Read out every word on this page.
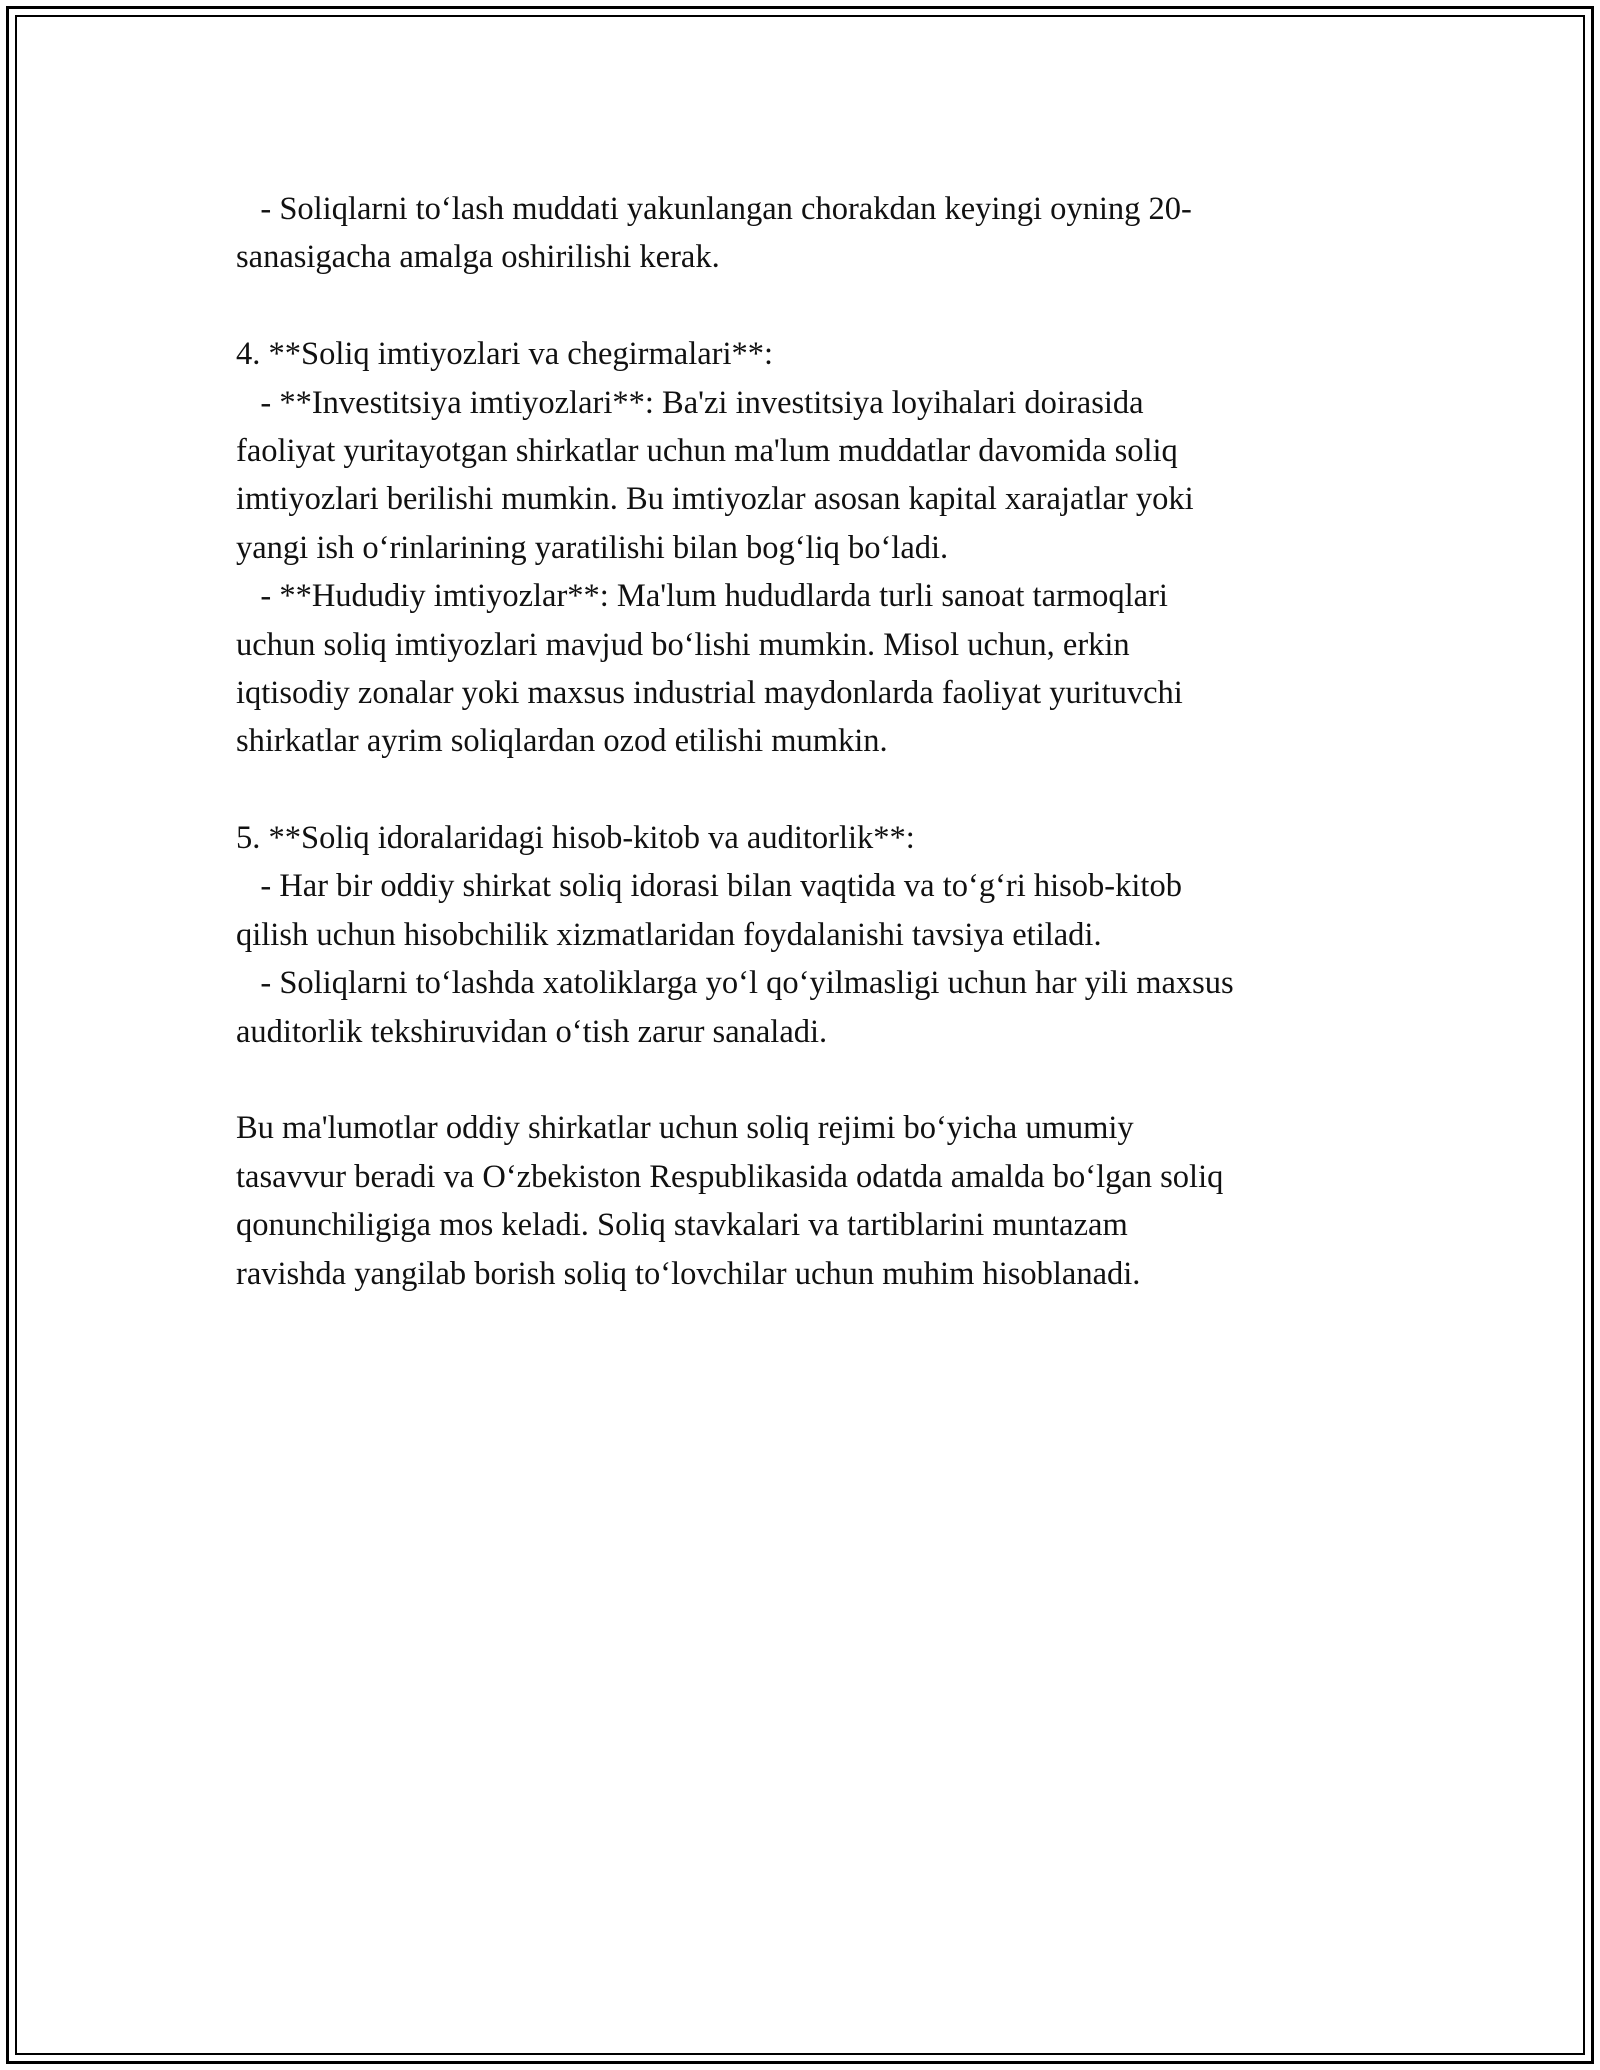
- Soliqlarni to‘lash muddati yakunlangan chorakdan keyingi oyning 20-
sanasigacha amalga oshirilishi kerak.
4. **Soliq imtiyozlari va chegirmalari**:
- **Investitsiya imtiyozlari**: Ba'zi investitsiya loyihalari doirasida
faoliyat yuritayotgan shirkatlar uchun ma'lum muddatlar davomida soliq
imtiyozlari berilishi mumkin. Bu imtiyozlar asosan kapital xarajatlar yoki
yangi ish o‘rinlarining yaratilishi bilan bog‘liq bo‘ladi.
- **Hududiy imtiyozlar**: Ma'lum hududlarda turli sanoat tarmoqlari
uchun soliq imtiyozlari mavjud bo‘lishi mumkin. Misol uchun, erkin
iqtisodiy zonalar yoki maxsus industrial maydonlarda faoliyat yurituvchi
shirkatlar ayrim soliqlardan ozod etilishi mumkin.
5. **Soliq idoralaridagi hisob-kitob va auditorlik**:
- Har bir oddiy shirkat soliq idorasi bilan vaqtida va to‘g‘ri hisob-kitob
qilish uchun hisobchilik xizmatlaridan foydalanishi tavsiya etiladi.
- Soliqlarni to‘lashda xatoliklarga yo‘l qo‘yilmasligi uchun har yili maxsus
auditorlik tekshiruvidan o‘tish zarur sanaladi.
Bu ma'lumotlar oddiy shirkatlar uchun soliq rejimi bo‘yicha umumiy
tasavvur beradi va O‘zbekiston Respublikasida odatda amalda bo‘lgan soliq
qonunchiligiga mos keladi. Soliq stavkalari va tartiblarini muntazam
ravishda yangilab borish soliq to‘lovchilar uchun muhim hisoblanadi.
